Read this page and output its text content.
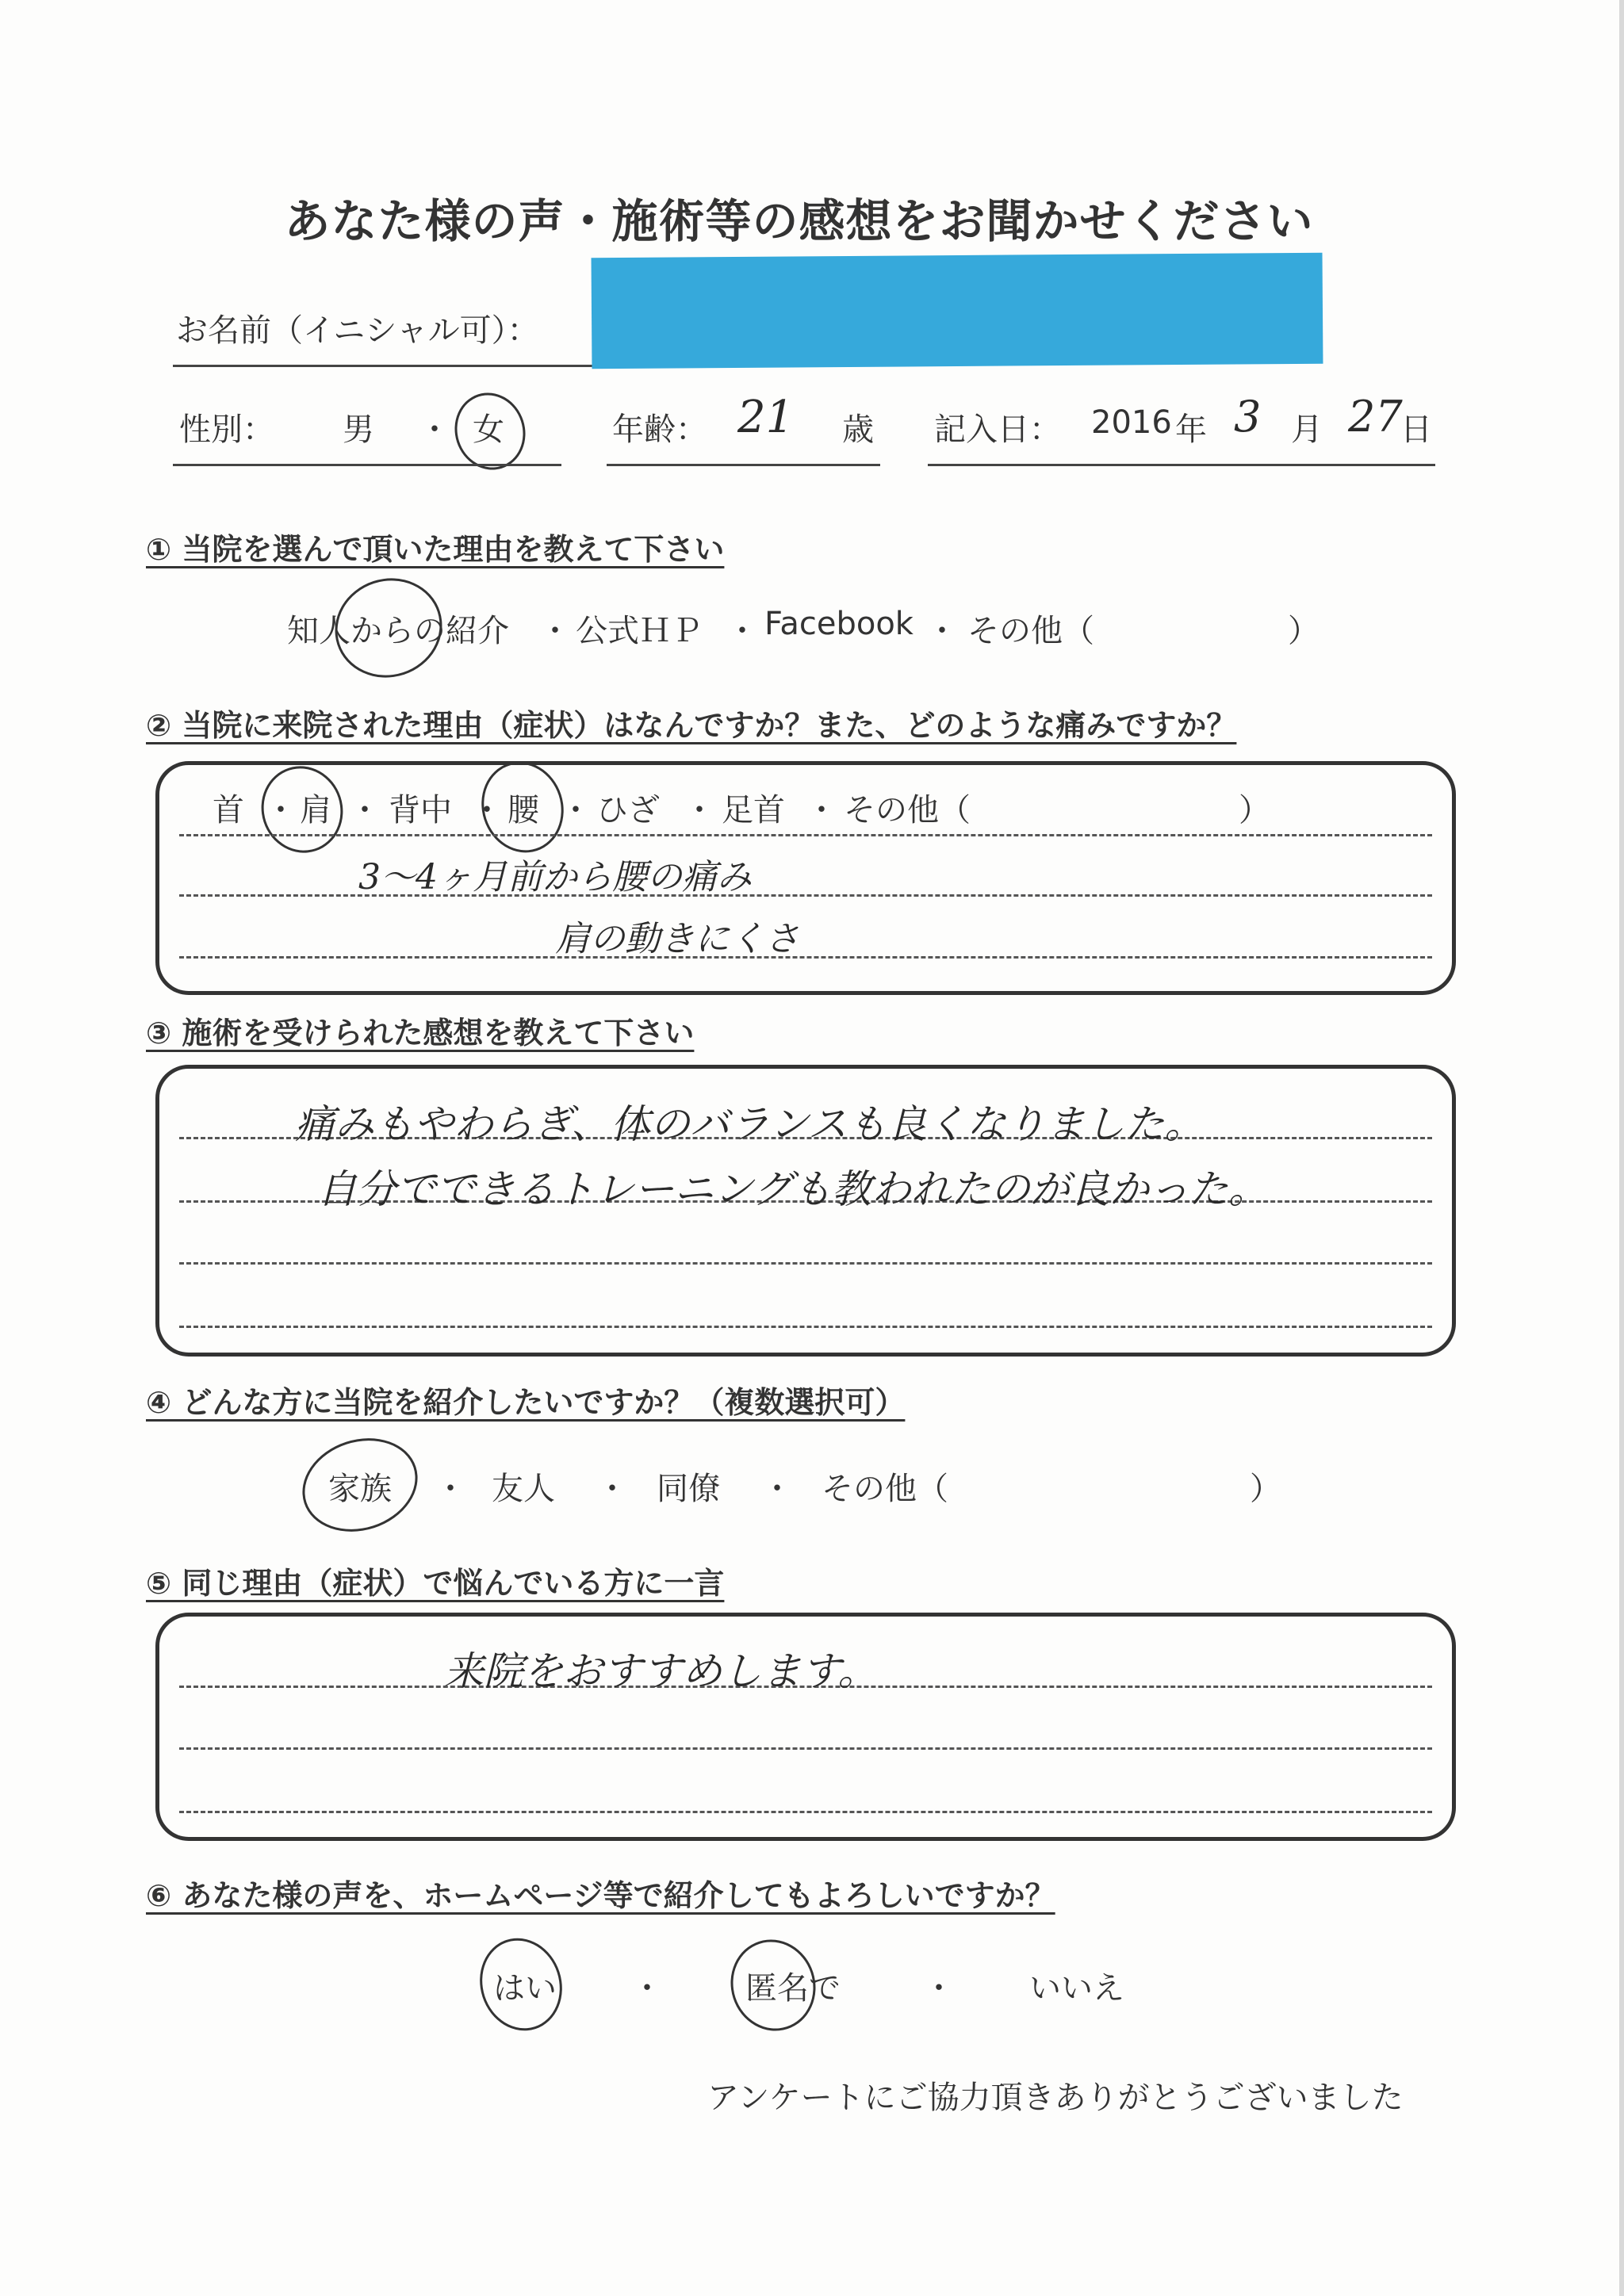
あなた様の声・施術等の感想をお聞かせください
お名前（イニシャル可）：
性別： 男 ・ 女	年齢： 21 歳 記入日： 2016 年 3 月 27
日
① 当院を選んで頂いた理由を教えて下さい
知人からの紹介 ・ 公式ＨＰ ・ Facebook ・ その他（	）
② 当院に来院された理由（症状）はなんですか？また、どのような痛みですか？
首 ・ 肩 ・ 背中 ・ 腰 ・ ひざ ・ 足首 ・ その他（	）
3〜4ヶ月前から腰の痛み
肩の動きにくさ
③ 施術を受けられた感想を教えて下さい
痛みもやわらぎ、体のバランスも良くなりました。
自分でできるトレーニングも教われたのが良かった。
④ どんな方に当院を紹介したいですか？（複数選択可）
家族 ・ 友人 ・ 同僚 ・ その他（	）
⑤ 同じ理由（症状）で悩んでいる方に一言
来院をおすすめします。
⑥ あなた様の声を、ホームページ等で紹介してもよろしいですか？
はい ・	匿名で	・ いいえ
アンケートにご協力頂きありがとうございました
